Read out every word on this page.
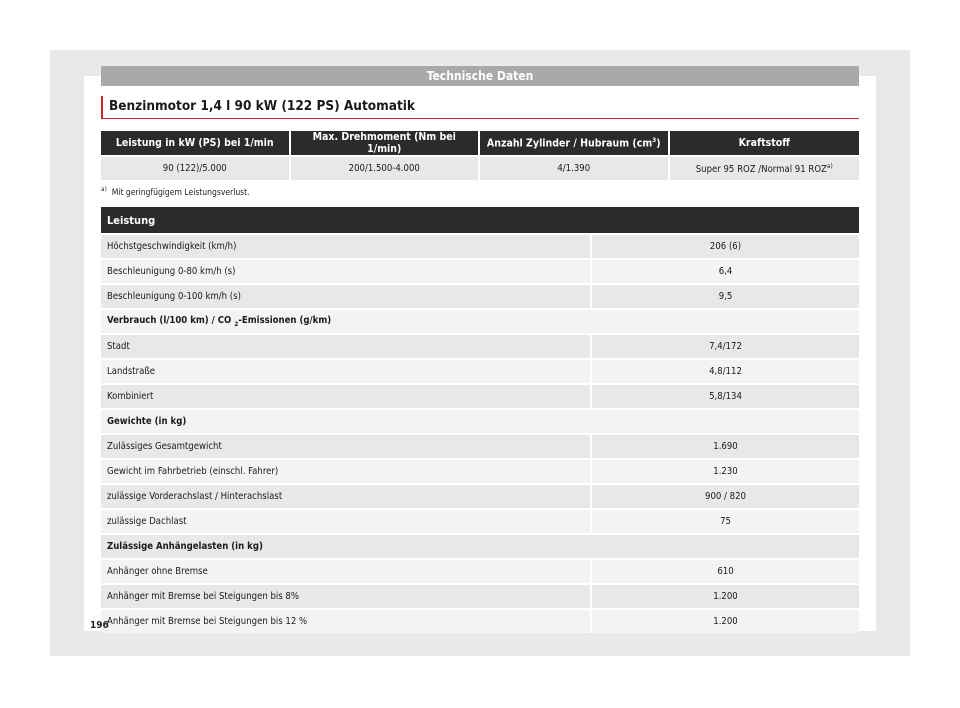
Technische Daten
Benzinmotor 1,4 l 90 kW (122 PS) Automatik
Leistung in kW (PS) bei 1/min	Max. Drehmoment (Nm bei 1/min)	Anzahl Zylinder / Hubraum $(cm^3)$	Kraftstoff
90 (122)/5.000	200/1.500-4.000	4/1.390	Super 95 ROZ /Normal 91 ROZ$^{a)}$
$^{a)}$ Mit geringfügigem Leistungsverlust.
Leistung	
Höchstgeschwindigkeit (km/h)	206 (6)
Beschleunigung 0-80 km/h (s)	6,4
Beschleunigung 0-100 km/h (s)	9,5
Verbrauch (l/100 km) / CO $_2$-Emissionen (g/km)	
Stadt	7,4/172
Landstraße	4,8/112
Kombiniert	5,8/134
Gewichte (in kg)	
Zulässiges Gesamtgewicht	1.690
Gewicht im Fahrbetrieb (einschl. Fahrer)	1.230
zulässige Vorderachslast / Hinterachslast	900 / 820
zulässige Dachlast	75
Zulässige Anhängelasten (in kg)	
Anhänger ohne Bremse	610
Anhänger mit Bremse bei Steigungen bis 8%	1.200
Anhänger mit Bremse bei Steigungen bis 12 %	1.200
196
